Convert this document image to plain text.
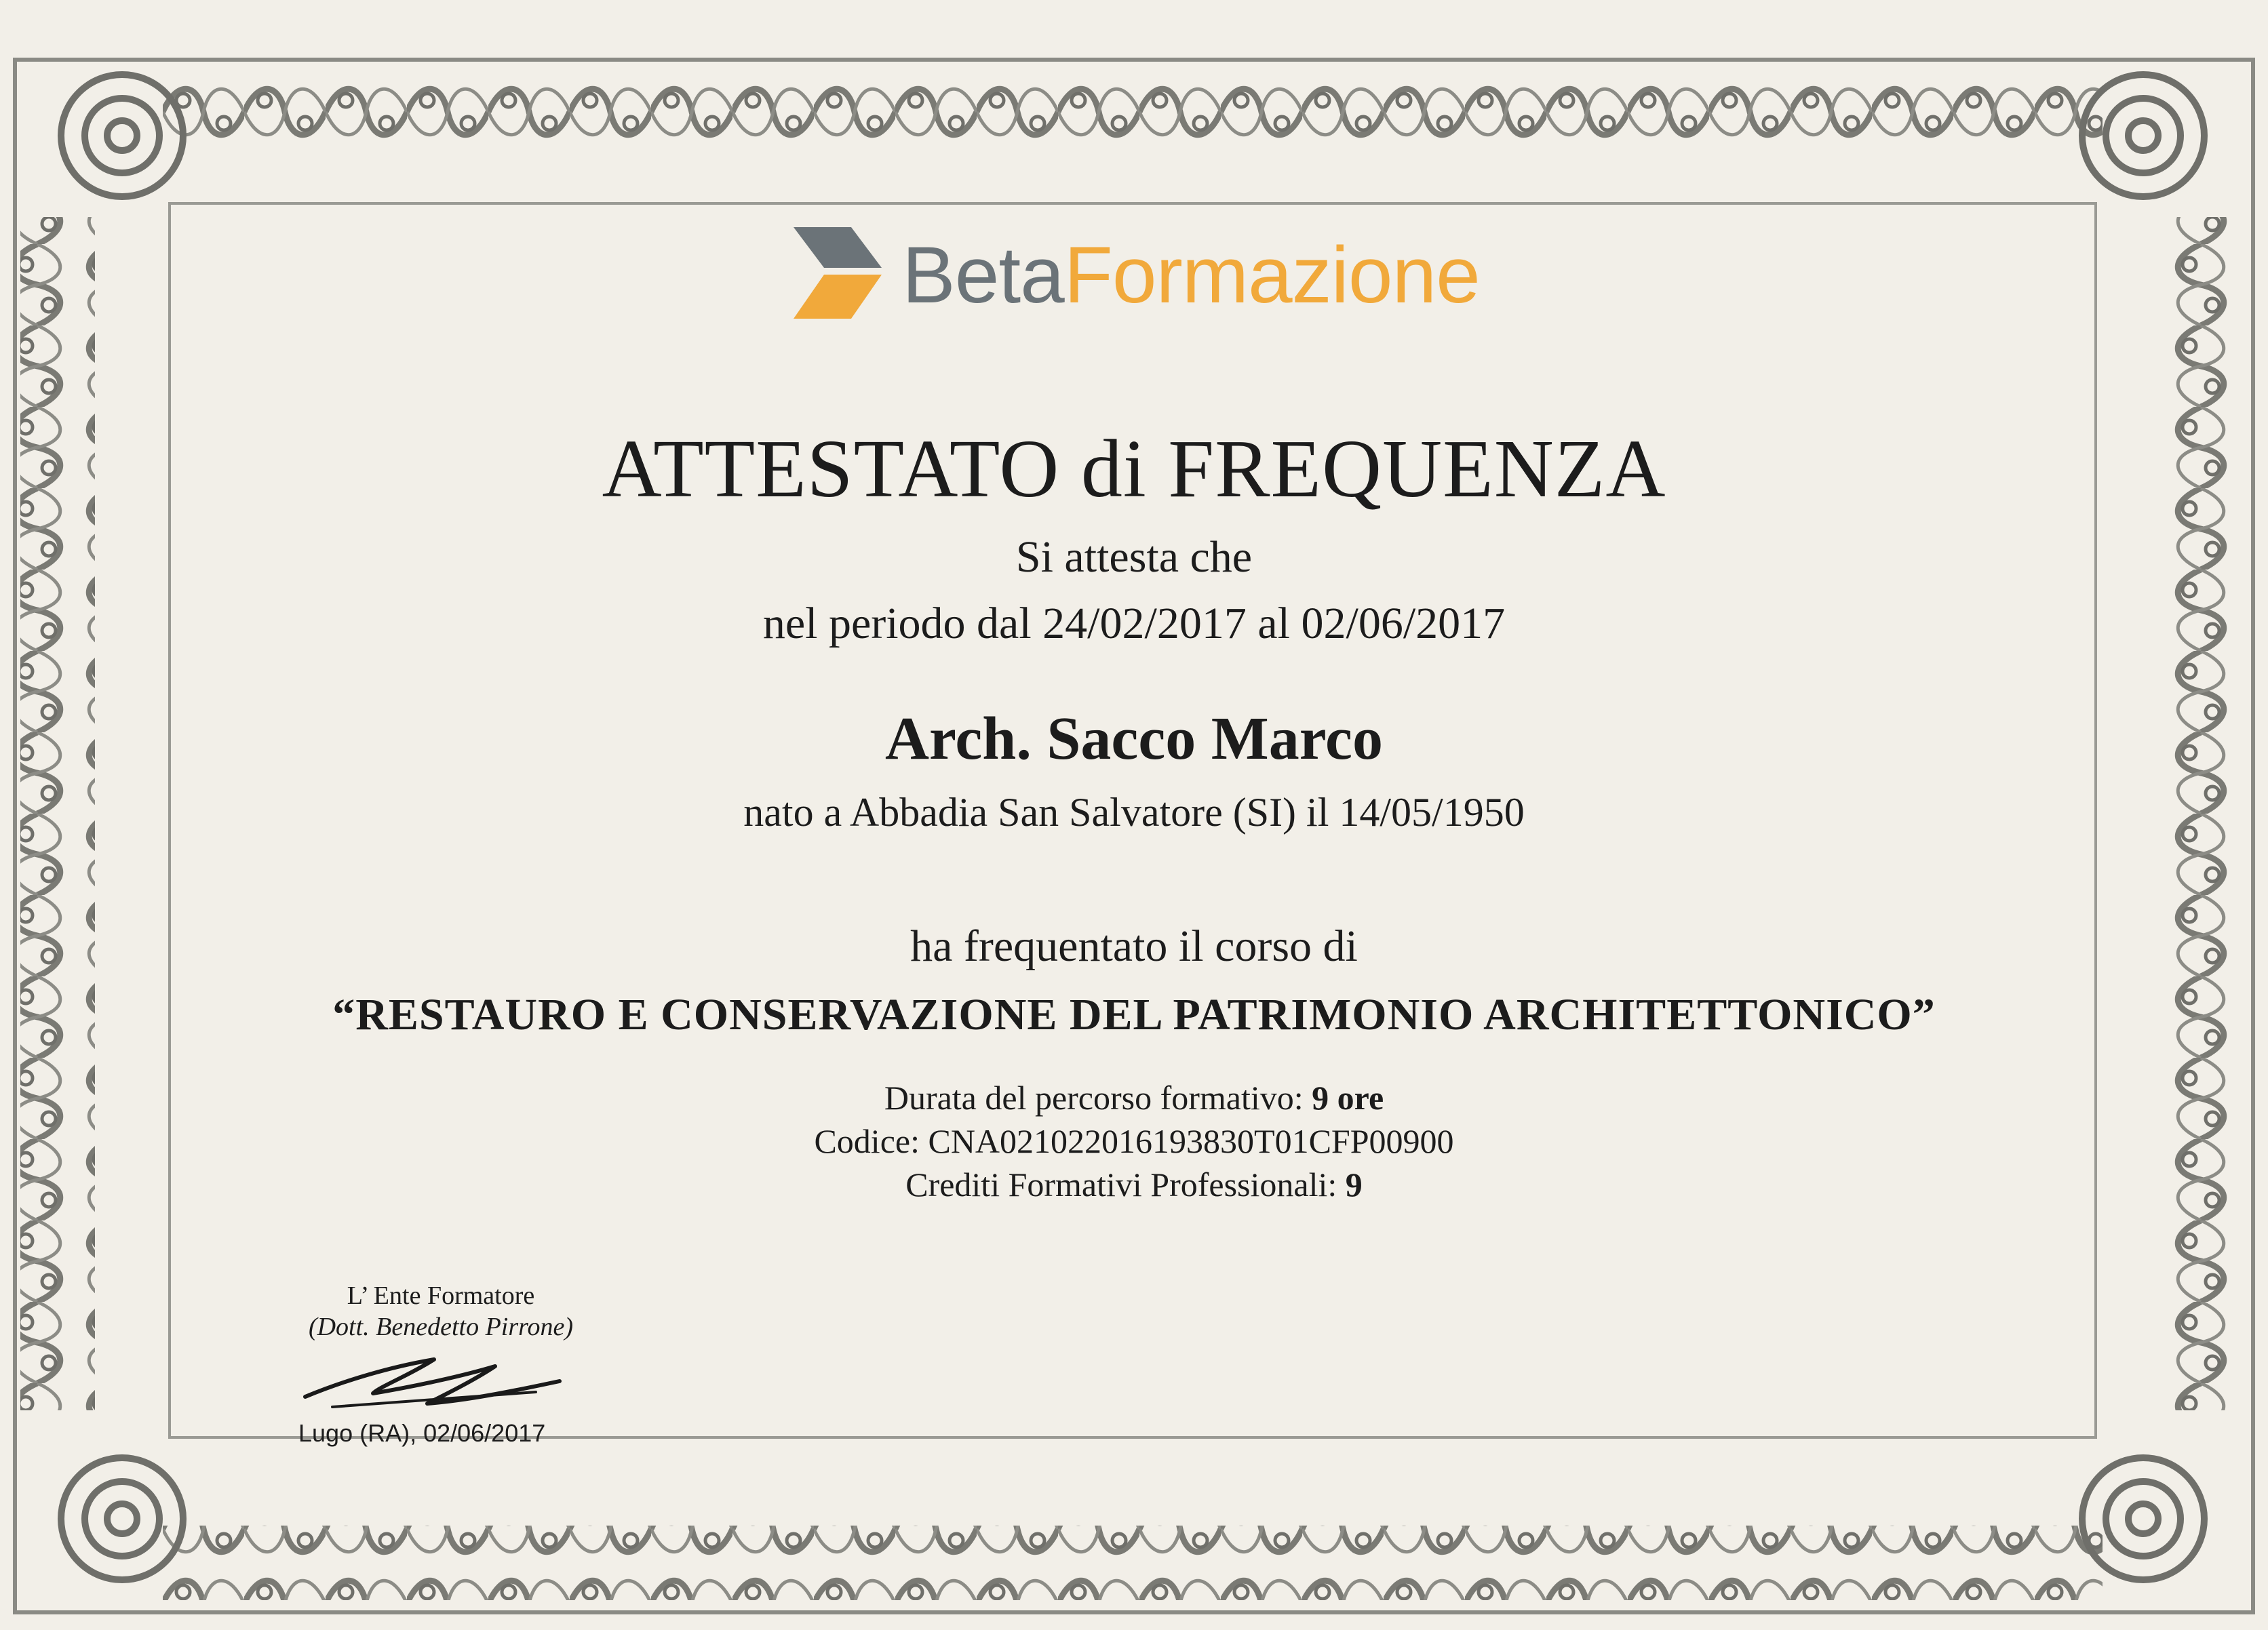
BetaFormazione
ATTESTATO di FREQUENZA
Si attesta che
nel periodo dal 24/02/2017 al 02/06/2017
Arch. Sacco Marco
nato a Abbadia San Salvatore (SI) il 14/05/1950
ha frequentato il corso di
“RESTAURO E CONSERVAZIONE DEL PATRIMONIO ARCHITETTONICO”
Durata del percorso formativo: 9 ore
Codice: CNA021022016193830T01CFP00900
Crediti Formativi Professionali: 9
L’ Ente Formatore
(Dott. Benedetto Pirrone)
Lugo (RA), 02/06/2017
